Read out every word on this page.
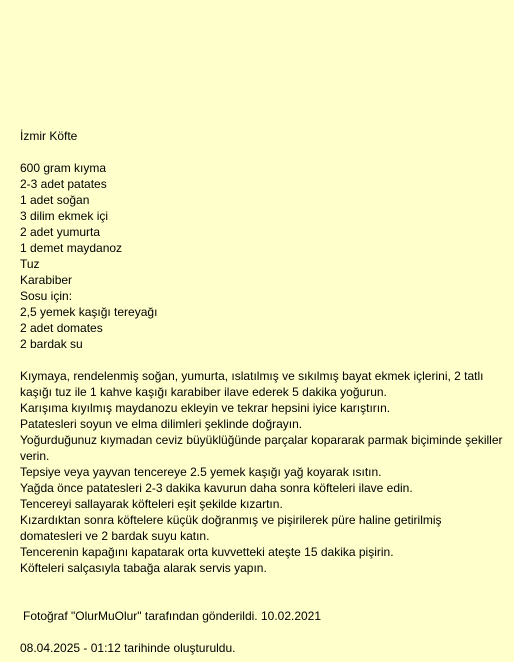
İzmir Köfte
600 gram kıyma
2-3 adet patates
1 adet soğan
3 dilim ekmek içi
2 adet yumurta
1 demet maydanoz
Tuz
Karabiber
Sosu için:
2,5 yemek kaşığı tereyağı
2 adet domates
2 bardak su
Kıymaya, rendelenmiş soğan, yumurta, ıslatılmış ve sıkılmış bayat ekmek içlerini, 2 tatlı kaşığı tuz ile 1 kahve kaşığı karabiber ilave ederek 5 dakika yoğurun.
Karışıma kıyılmış maydanozu ekleyin ve tekrar hepsini iyice karıştırın.
Patatesleri soyun ve elma dilimleri şeklinde doğrayın.
Yoğurduğunuz kıymadan ceviz büyüklüğünde parçalar kopararak parmak biçiminde şekiller verin.
Tepsiye veya yayvan tencereye 2.5 yemek kaşığı yağ koyarak ısıtın.
Yağda önce patatesleri 2-3 dakika kavurun daha sonra köfteleri ilave edin.
Tencereyi sallayarak köfteleri eşit şekilde kızartın.
Kızardıktan sonra köftelere küçük doğranmış ve pişirilerek püre haline getirilmiş domatesleri ve 2 bardak suyu katın.
Tencerenin kapağını kapatarak orta kuvvetteki ateşte 15 dakika pişirin.
Köfteleri salçasıyla tabağa alarak servis yapın.
Fotoğraf "OlurMuOlur" tarafından gönderildi. 10.02.2021
08.04.2025 - 01:12 tarihinde oluşturuldu.
